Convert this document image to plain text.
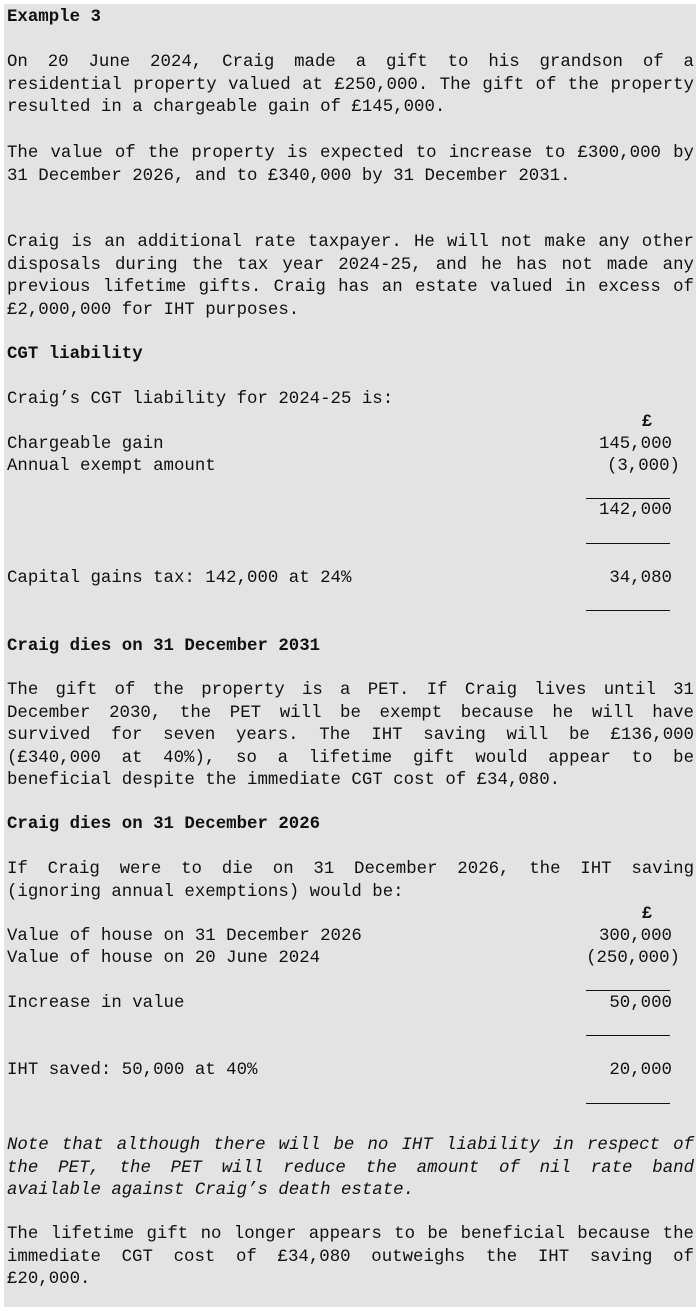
Example 3

On 20 June 2024, Craig made a gift to his grandson of a residential property valued at £250,000. The gift of the property resulted in a chargeable gain of £145,000.

The value of the property is expected to increase to £300,000 by 31 December 2026, and to £340,000 by 31 December 2031.

Craig is an additional rate taxpayer. He will not make any other disposals during the tax year 2024-25, and he has not made any previous lifetime gifts. Craig has an estate valued in excess of £2,000,000 for IHT purposes.

CGT liability

Craig’s CGT liability for 2024-25 is:

£
Chargeable gain	145,000
Annual exempt amount	(3,000)
142,000
Capital gains tax: 142,000 at 24%	34,080

Craig dies on 31 December 2031

The gift of the property is a PET. If Craig lives until 31 December 2030, the PET will be exempt because he will have survived for seven years. The IHT saving will be £136,000 (£340,000 at 40%), so a lifetime gift would appear to be beneficial despite the immediate CGT cost of £34,080.

Craig dies on 31 December 2026

If Craig were to die on 31 December 2026, the IHT saving (ignoring annual exemptions) would be:

£
Value of house on 31 December 2026	300,000
Value of house on 20 June 2024	(250,000)
Increase in value	50,000
IHT saved: 50,000 at 40%	20,000

Note that although there will be no IHT liability in respect of the PET, the PET will reduce the amount of nil rate band available against Craig’s death estate.

The lifetime gift no longer appears to be beneficial because the immediate CGT cost of £34,080 outweighs the IHT saving of £20,000.
